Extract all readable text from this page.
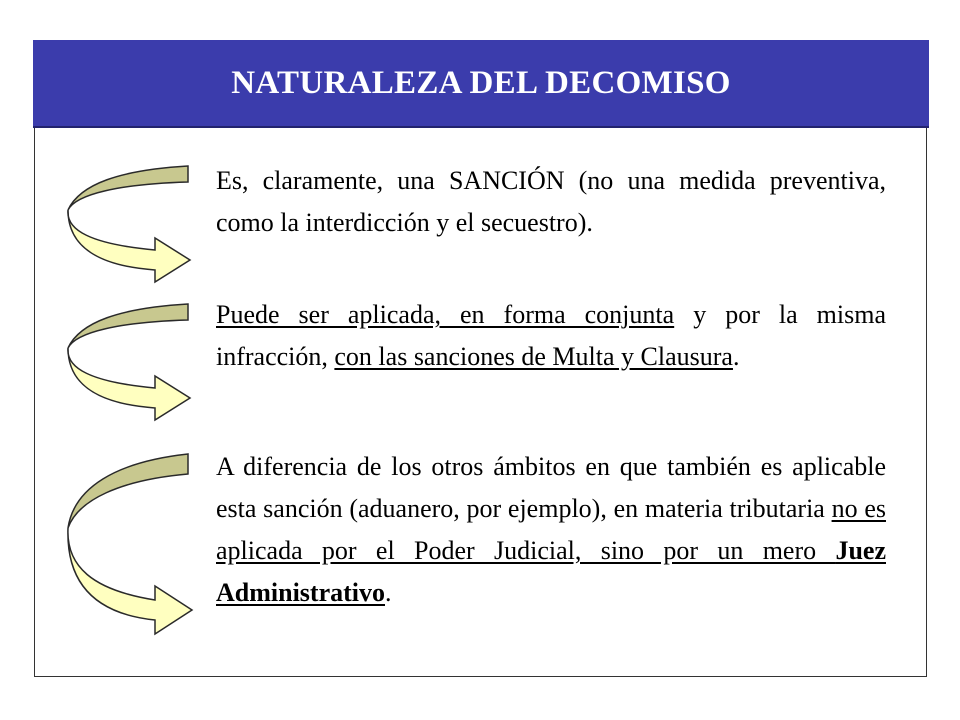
NATURALEZA DEL DECOMISO

Es, claramente, una SANCIÓN (no una medida preventiva, como la interdicción y el secuestro).

Puede ser aplicada, en forma conjunta y por la misma infracción, con las sanciones de Multa y Clausura.

A diferencia de los otros ámbitos en que también es aplicable esta sanción (aduanero, por ejemplo), en materia tributaria no es aplicada por el Poder Judicial, sino por un mero Juez Administrativo.
